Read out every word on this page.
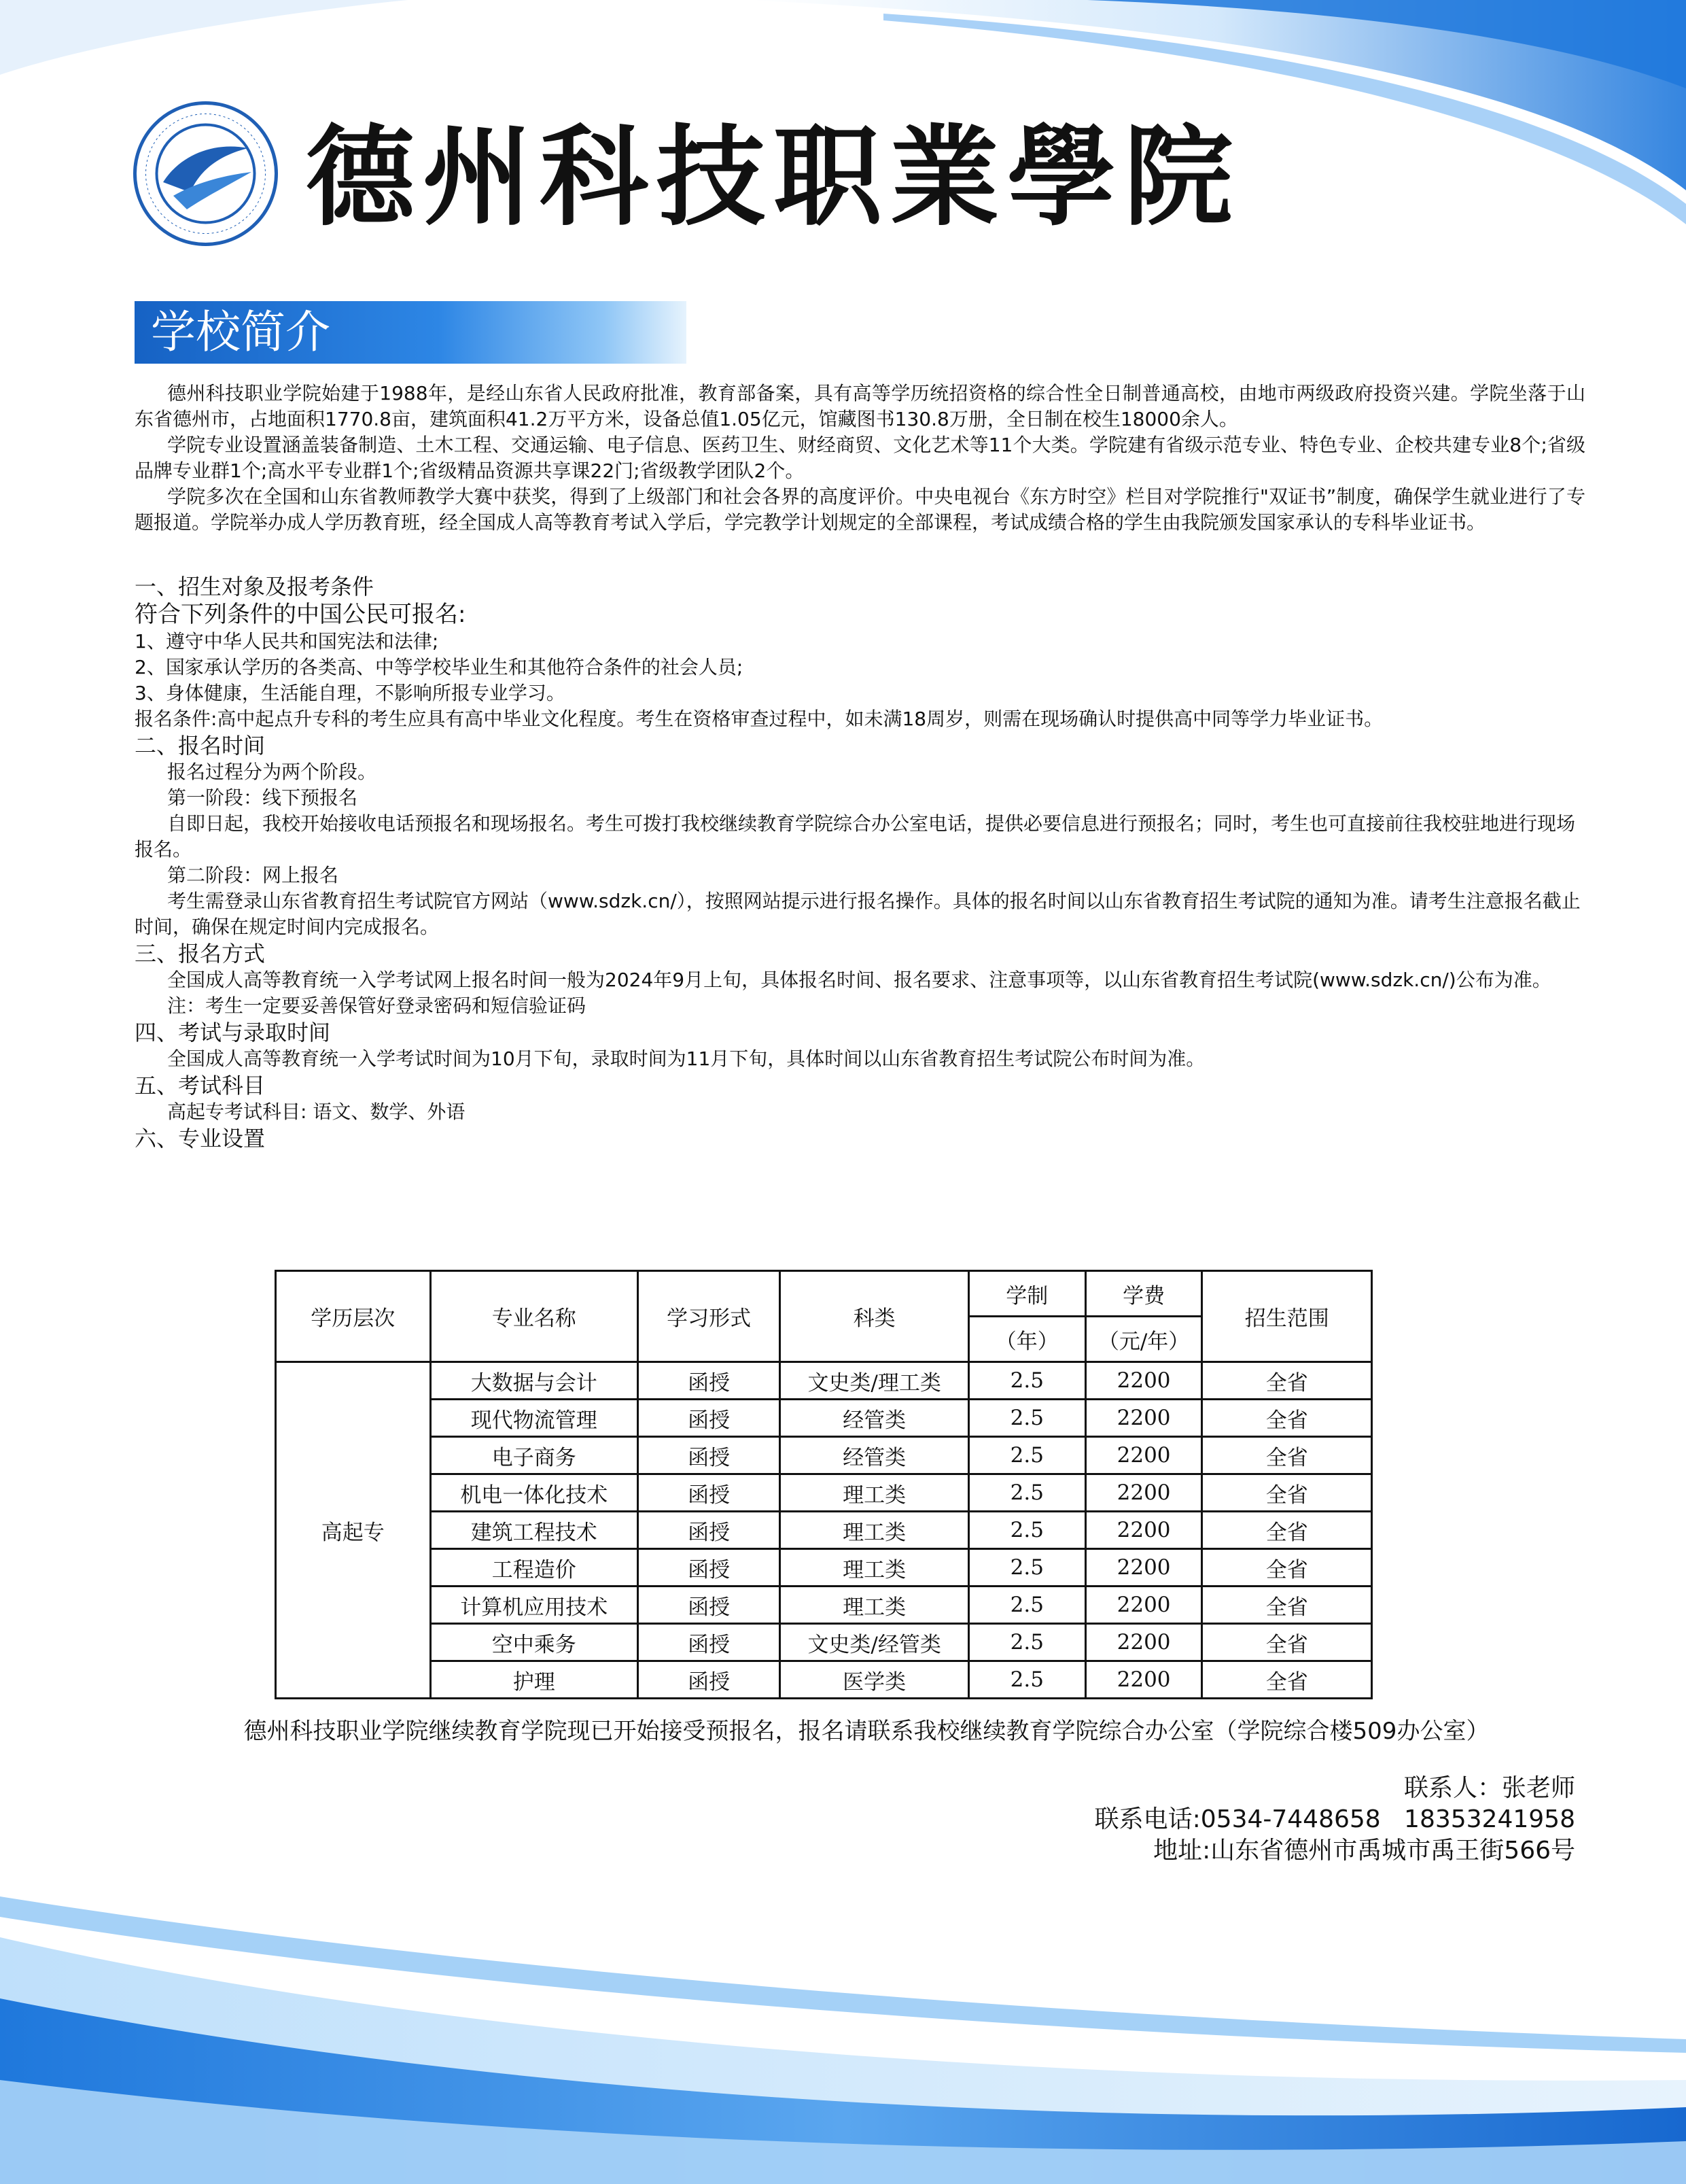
德州科技职業學院
学校简介

德州科技职业学院始建于1988年，是经山东省人民政府批准，教育部备案，具有高等学历统招资格的综合性全日制普通高校，由地市两级政府投资兴建。学院坐落于山东省德州市，占地面积1770.8亩，建筑面积41.2万平方米，设备总值1.05亿元，馆藏图书130.8万册，全日制在校生18000余人。

学院专业设置涵盖装备制造、土木工程、交通运输、电子信息、医药卫生、财经商贸、文化艺术等11个大类。学院建有省级示范专业、特色专业、企校共建专业8个;省级品牌专业群1个;高水平专业群1个;省级精品资源共享课22门;省级教学团队2个。

学院多次在全国和山东省教师教学大赛中获奖，得到了上级部门和社会各界的高度评价。中央电视台《东方时空》栏目对学院推行"双证书”制度，确保学生就业进行了专题报道。学院举办成人学历教育班，经全国成人高等教育考试入学后，学完教学计划规定的全部课程，考试成绩合格的学生由我院颁发国家承认的专科毕业证书。

一、招生对象及报考条件

符合下列条件的中国公民可报名:

1、遵守中华人民共和国宪法和法律;

2、国家承认学历的各类高、中等学校毕业生和其他符合条件的社会人员;

3、身体健康，生活能自理，不影响所报专业学习。

报名条件:高中起点升专科的考生应具有高中毕业文化程度。考生在资格审查过程中，如未满18周岁，则需在现场确认时提供高中同等学力毕业证书。

二、报名时间

报名过程分为两个阶段。

第一阶段：线下预报名

自即日起，我校开始接收电话预报名和现场报名。考生可拨打我校继续教育学院综合办公室电话，提供必要信息进行预报名；同时，考生也可直接前往我校驻地进行现场报名。

第二阶段：网上报名

考生需登录山东省教育招生考试院官方网站（www.sdzk.cn/），按照网站提示进行报名操作。具体的报名时间以山东省教育招生考试院的通知为准。请考生注意报名截止时间，确保在规定时间内完成报名。

三、报名方式

全国成人高等教育统一入学考试网上报名时间一般为2024年9月上旬，具体报名时间、报名要求、注意事项等，以山东省教育招生考试院(www.sdzk.cn/)公布为准。

注：考生一定要妥善保管好登录密码和短信验证码

四、考试与录取时间

全国成人高等教育统一入学考试时间为10月下旬，录取时间为11月下旬，具体时间以山东省教育招生考试院公布时间为准。

五、考试科目

高起专考试科目: 语文、数学、外语

六、专业设置

学历层次	专业名称	学习形式	科类	学制	学费	招生范围
				（年）	（元/年）	
高起专	大数据与会计	函授	文史类/理工类	2.5	2200	全省
	现代物流管理	函授	经管类	2.5	2200	全省
	电子商务	函授	经管类	2.5	2200	全省
	机电一体化技术	函授	理工类	2.5	2200	全省
	建筑工程技术	函授	理工类	2.5	2200	全省
	工程造价	函授	理工类	2.5	2200	全省
	计算机应用技术	函授	理工类	2.5	2200	全省
	空中乘务	函授	文史类/经管类	2.5	2200	全省
	护理	函授	医学类	2.5	2200	全省
德州科技职业学院继续教育学院现已开始接受预报名，报名请联系我校继续教育学院综合办公室（学院综合楼509办公室）
联系人：张老师
联系电话:0534-7448658   18353241958
地址:山东省德州市禹城市禹王街566号
